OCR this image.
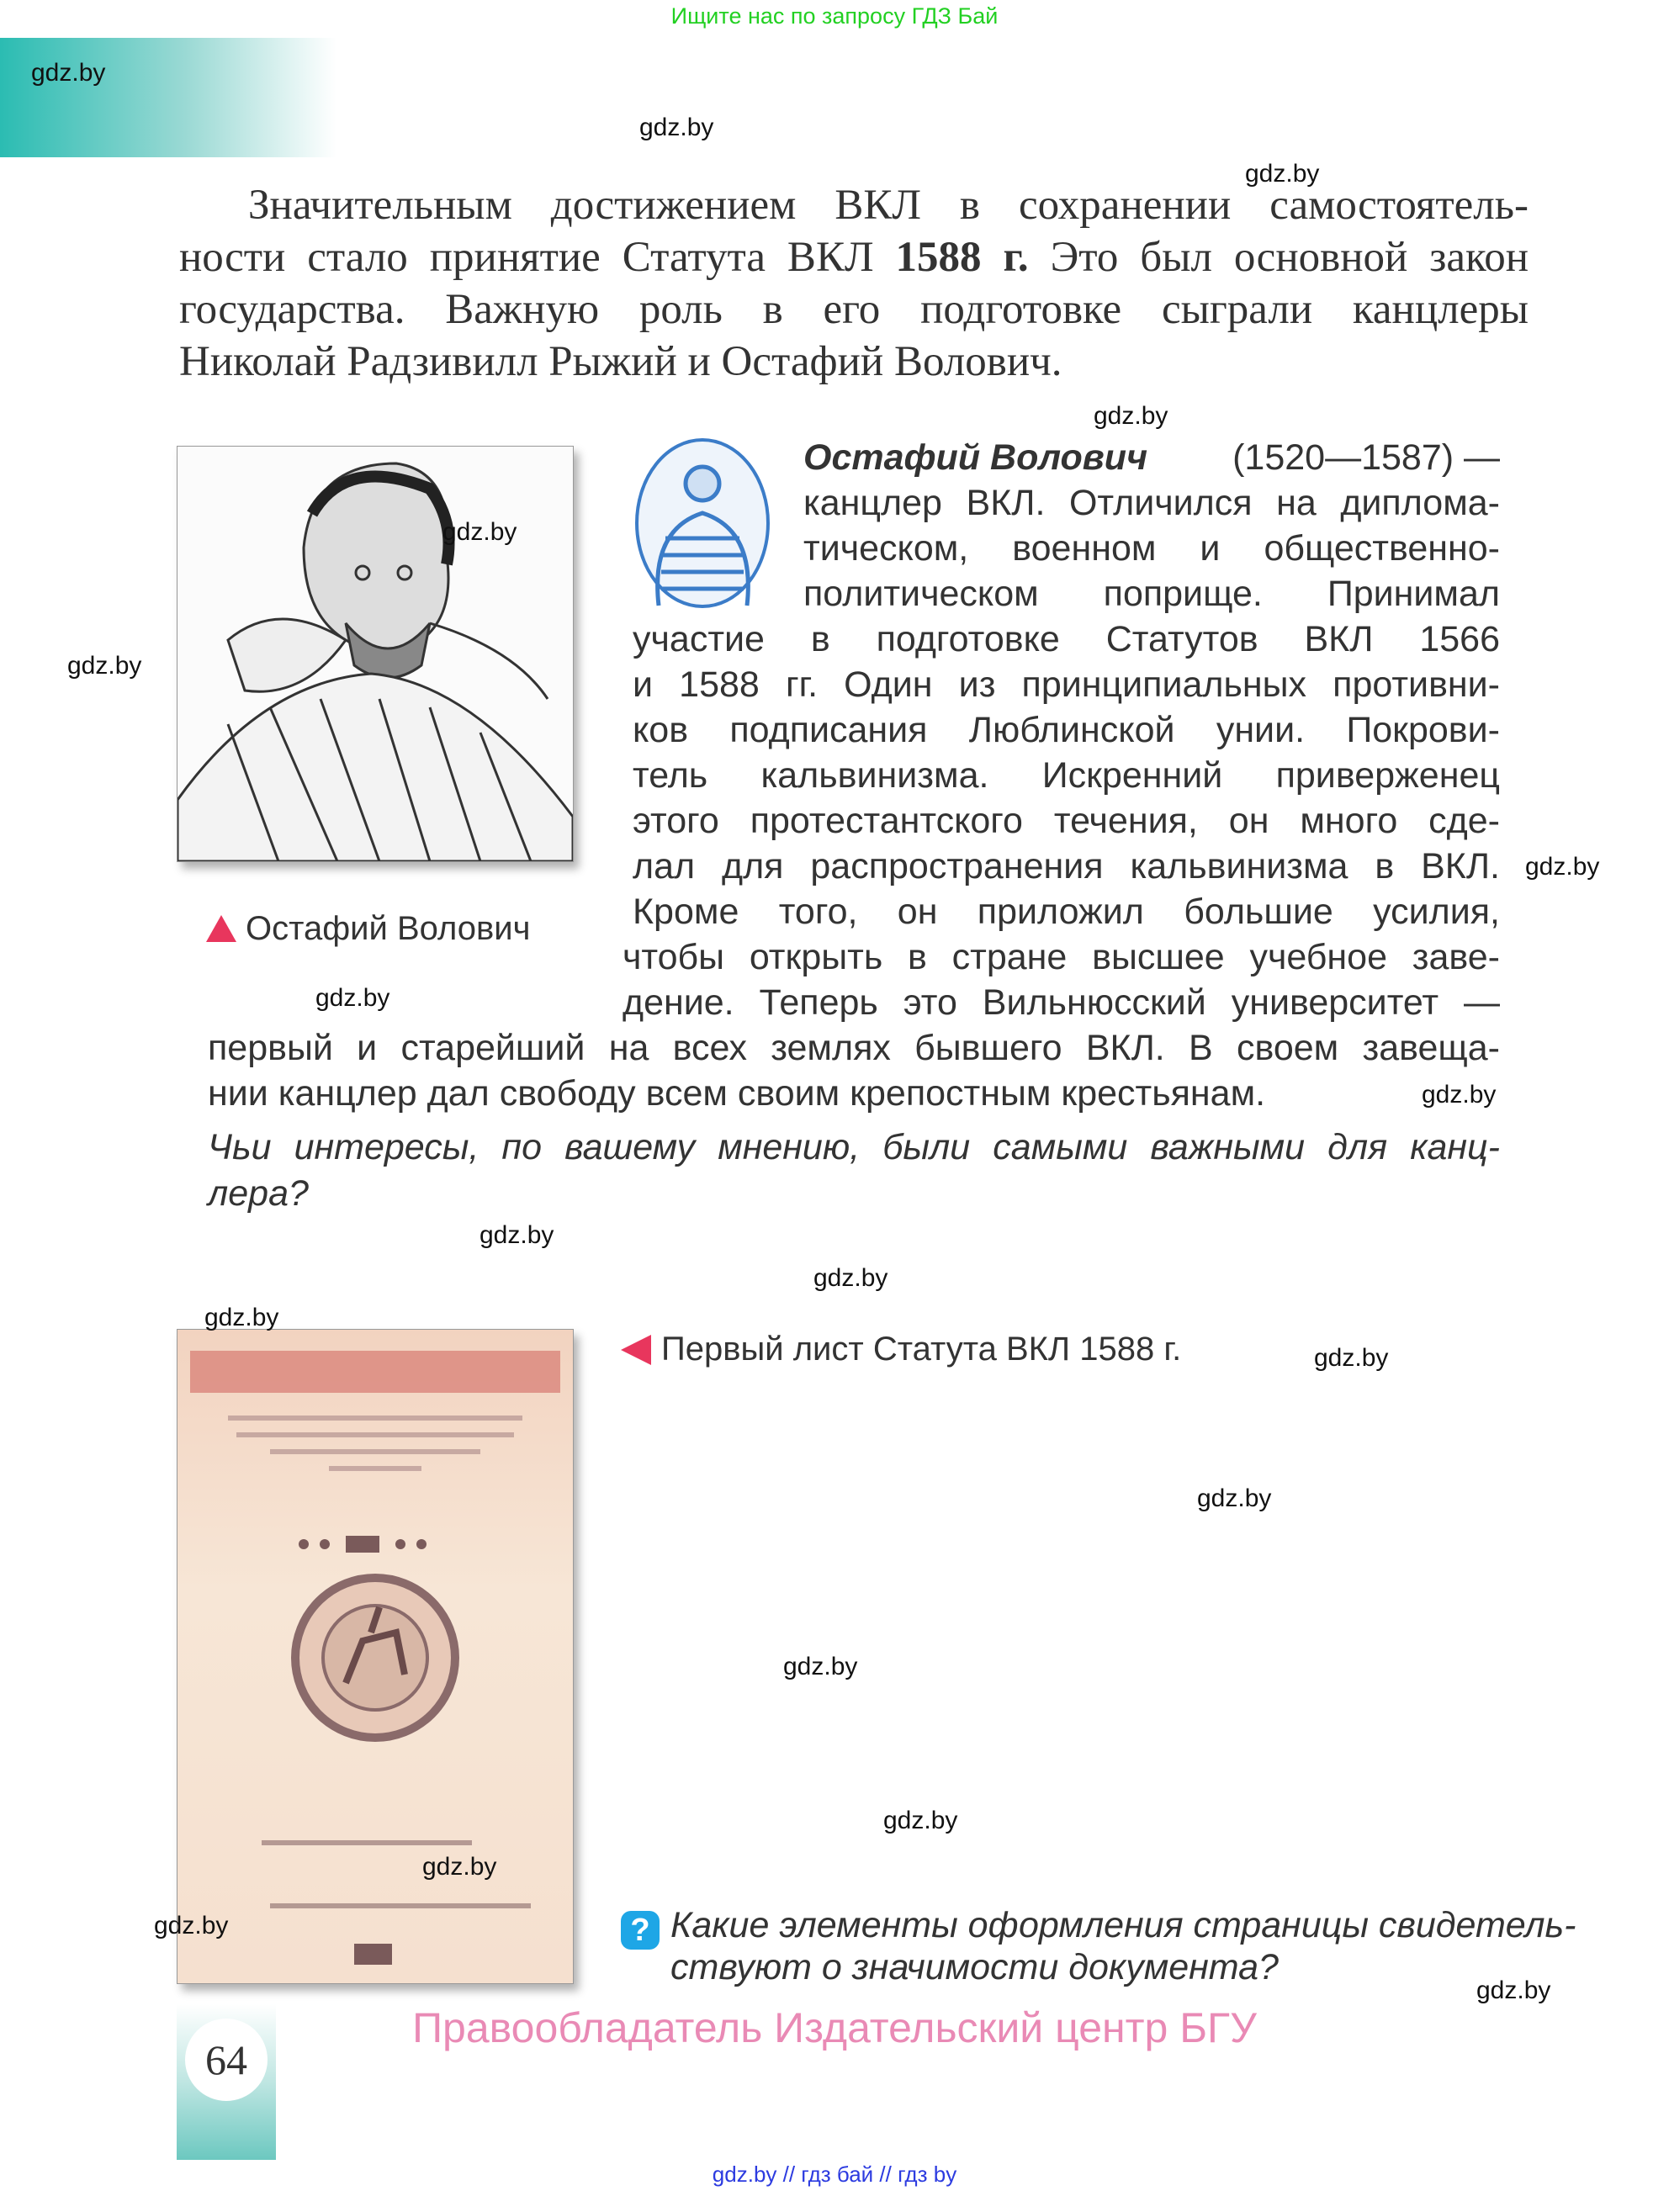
Ищите нас по запросу ГДЗ Бай
Значительным достижением ВКЛ в сохранении самостоятель-
ности стало принятие Статута ВКЛ 1588 г. Это был основной закон
государства. Важную роль в его подготовке сыграли канцлеры
Николай Радзивилл Рыжий и Остафий Волович.
Остафий Волович
Остафий Волович (1520—1587) —
канцлер ВКЛ. Отличился на диплома-
тическом, военном и общественно-
политическом поприще. Принимал
участие в подготовке Статутов ВКЛ 1566
и 1588 гг. Один из принципиальных противни-
ков подписания Люблинской унии. Покрови-
тель кальвинизма. Искренний приверженец
этого протестантского течения, он много сде-
лал для распространения кальвинизма в ВКЛ.
Кроме того, он приложил большие усилия,
чтобы открыть в стране высшее учебное заве-
дение. Теперь это Вильнюсский университет —
первый и старейший на всех землях бывшего ВКЛ. В своем завеща-
нии канцлер дал свободу всем своим крепостным крестьянам.
Чьи интересы, по вашему мнению, были самыми важными для канц-
лера?
Первый лист Статута ВКЛ 1588 г.
? Какие элементы оформления страницы свидетель-
ствуют о значимости документа?
Правообладатель Издательский центр БГУ
64
gdz.by // гдз бай // гдз by
gdz.by
gdz.by
gdz.by
gdz.by
gdz.by
gdz.by
gdz.by
gdz.by
gdz.by
gdz.by
gdz.by
gdz.by
gdz.by
gdz.by
gdz.by
gdz.by
gdz.by
gdz.by
gdz.by
